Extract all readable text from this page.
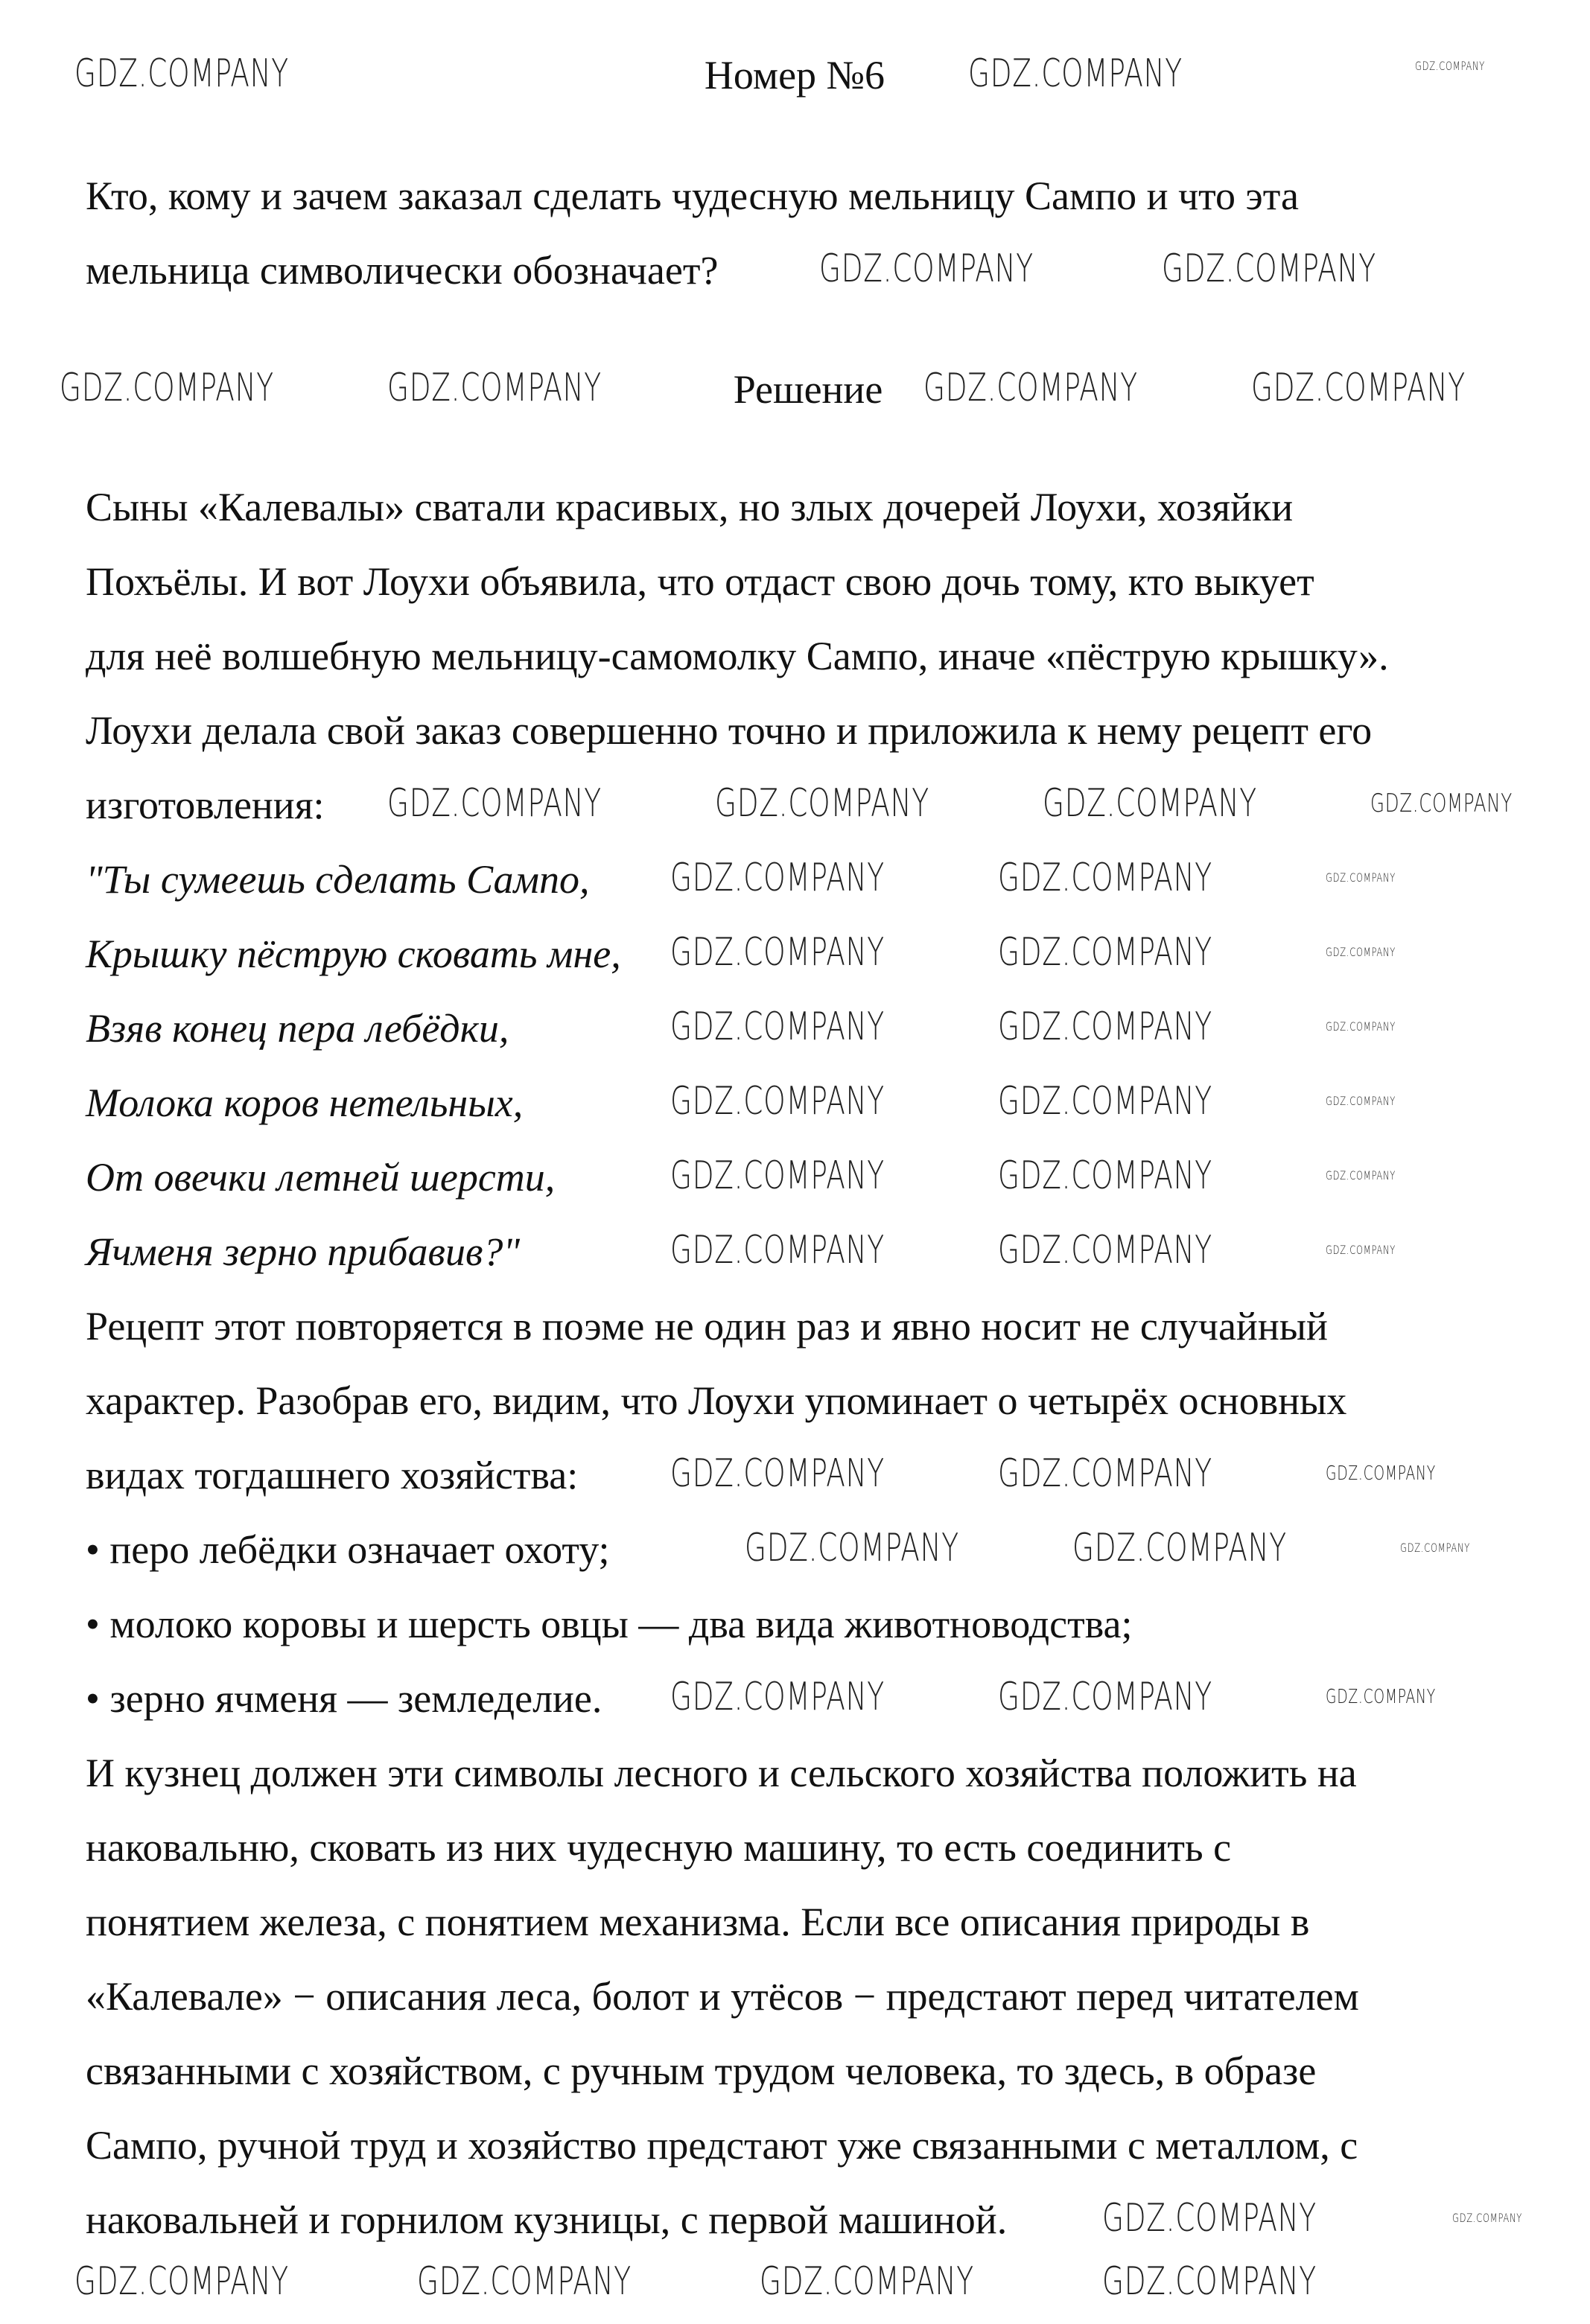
Номер №6
Кто, кому и зачем заказал сделать чудесную мельницу Сампо и что эта
мельница символически обозначает?
Решение
Сыны «Калевалы» сватали красивых, но злых дочерей Лоухи, хозяйки
Похъёлы. И вот Лоухи объявила, что отдаст свою дочь тому, кто выкует
для неё волшебную мельницу-самомолку Сампо, иначе «пёструю крышку».
Лоухи делала свой заказ совершенно точно и приложила к нему рецепт его
изготовления:
"Ты сумеешь сделать Сампо,
Крышку пёструю сковать мне,
Взяв конец пера лебёдки,
Молока коров нетельных,
От овечки летней шерсти,
Ячменя зерно прибавив?"
Рецепт этот повторяется в поэме не один раз и явно носит не случайный
характер. Разобрав его, видим, что Лоухи упоминает о четырёх основных
видах тогдашнего хозяйства:
• перо лебёдки означает охоту;
• молоко коровы и шерсть овцы — два вида животноводства;
• зерно ячменя — земледелие.
И кузнец должен эти символы лесного и сельского хозяйства положить на
наковальню, сковать из них чудесную машину, то есть соединить с
понятием железа, с понятием механизма. Если все описания природы в
«Калевале» − описания леса, болот и утёсов − предстают перед читателем
связанными с хозяйством, с ручным трудом человека, то здесь, в образе
Сампо, ручной труд и хозяйство предстают уже связанными с металлом, с
наковальней и горнилом кузницы, с первой машиной.
GDZ.COMPANY	GDZ.COMPANY	GDZ.COMPANY
GDZ.COMPANY	GDZ.COMPANY
GDZ.COMPANY	GDZ.COMPANY	GDZ.COMPANY	GDZ.COMPANY
GDZ.COMPANY	GDZ.COMPANY	GDZ.COMPANY	GDZ.COMPANY
GDZ.COMPANY	GDZ.COMPANY	GDZ.COMPANY
GDZ.COMPANY	GDZ.COMPANY	GDZ.COMPANY
GDZ.COMPANY	GDZ.COMPANY	GDZ.COMPANY
GDZ.COMPANY	GDZ.COMPANY	GDZ.COMPANY
GDZ.COMPANY	GDZ.COMPANY	GDZ.COMPANY
GDZ.COMPANY	GDZ.COMPANY	GDZ.COMPANY
GDZ.COMPANY	GDZ.COMPANY	GDZ.COMPANY
GDZ.COMPANY	GDZ.COMPANY	GDZ.COMPANY
GDZ.COMPANY	GDZ.COMPANY	GDZ.COMPANY
GDZ.COMPANY	GDZ.COMPANY
GDZ.COMPANY	GDZ.COMPANY	GDZ.COMPANY	GDZ.COMPANY
